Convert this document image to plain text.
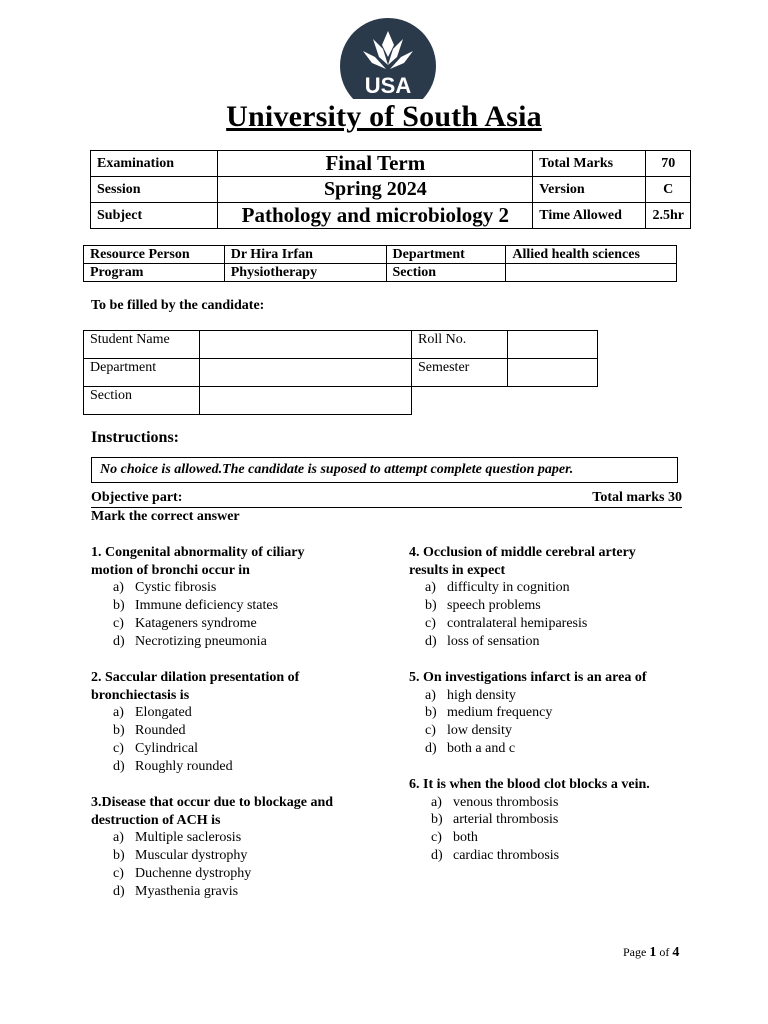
USA
University of South Asia
Examination	Final Term	Total Marks	70
Session	Spring 2024	Version	C
Subject	Pathology and microbiology 2	Time Allowed	2.5hr
Resource Person	Dr Hira Irfan	Department	Allied health sciences
Program	Physiotherapy	Section	
To be filled by the candidate:
Student Name		Roll No.	
Department		Semester	
Section			
Instructions:
No choice is allowed.The candidate is suposed to attempt complete question paper.
Objective part:	Total marks 30
Mark the correct answer
1. Congenital abnormality of ciliary
motion of bronchi occur in
a) Cystic fibrosis
b) Immune deficiency states
c) Katageners syndrome
d) Necrotizing pneumonia
2. Saccular dilation presentation of
bronchiectasis is
a) Elongated
b) Rounded
c) Cylindrical
d) Roughly rounded
3.Disease that occur due to blockage and
destruction of ACH is
a) Multiple saclerosis
b) Muscular dystrophy
c) Duchenne dystrophy
d) Myasthenia gravis
4. Occlusion of middle cerebral artery
results in expect
a) difficulty in cognition
b) speech problems
c) contralateral hemiparesis
d) loss of sensation
5. On investigations infarct is an area of
a) high density
b) medium frequency
c) low density
d) both a and c
6. It is when the blood clot blocks a vein.
a) venous thrombosis
b) arterial thrombosis
c) both
d) cardiac thrombosis
Page 1 of 4
